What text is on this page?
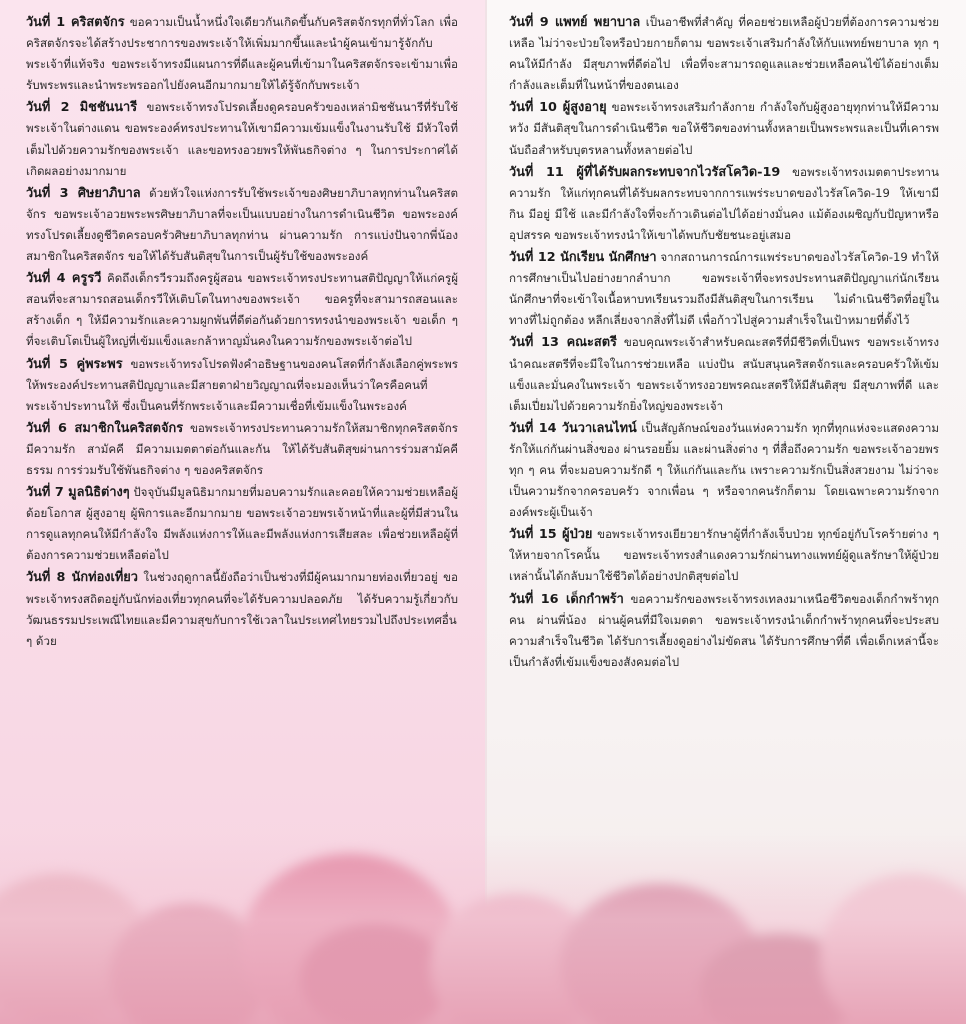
วันที่ 1 คริสตจักร ขอความเป็นน้ำหนึ่งใจเดียวกันเกิดขึ้นกับคริสตจักรทุกที่ทั่วโลก เพื่อคริสตจักรจะได้สร้างประชาการของพระเจ้าให้เพิ่มมากขึ้นและนำผู้คนเข้ามารู้จักกับพระเจ้าที่แท้จริง ขอพระเจ้าทรงมีแผนการที่ดีและผู้คนที่เข้ามาในคริสตจักรจะเข้ามาเพื่อรับพระพรและนำพระพรออกไปยังคนอีกมากมายให้ได้รู้จักกับพระเจ้า

วันที่ 2 มิชชันนารี ขอพระเจ้าทรงโปรดเลี้ยงดูครอบครัวของเหล่ามิชชันนารีที่รับใช้พระเจ้าในต่างแดน ขอพระองค์ทรงประทานให้เขามีความเข้มแข็งในงานรับใช้ มีหัวใจที่เต็มไปด้วยความรักของพระเจ้า และขอทรงอวยพรให้พันธกิจต่าง ๆ ในการประกาศได้เกิดผลอย่างมากมาย

วันที่ 3 ศิษยาภิบาล ด้วยหัวใจแห่งการรับใช้พระเจ้าของศิษยาภิบาลทุกท่านในคริสตจักร ขอพระเจ้าอวยพระพรศิษยาภิบาลที่จะเป็นแบบอย่างในการดำเนินชีวิต ขอพระองค์ทรงโปรดเลี้ยงดูชีวิตครอบครัวศิษยาภิบาลทุกท่าน ผ่านความรัก การแบ่งปันจากพี่น้องสมาชิกในคริสตจักร ขอให้ได้รับสันติสุขในการเป็นผู้รับใช้ของพระองค์

วันที่ 4 ครูรวี คิดถึงเด็กรวีรวมถึงครูผู้สอน ขอพระเจ้าทรงประทานสติปัญญาให้แก่ครูผู้สอนที่จะสามารถสอนเด็กรวีให้เติบโตในทางของพระเจ้า ขอครูที่จะสามารถสอนและสร้างเด็ก ๆ ให้มีความรักและความผูกพันที่ดีต่อกันด้วยการทรงนำของพระเจ้า ขอเด็ก ๆ ที่จะเติบโตเป็นผู้ใหญ่ที่เข้มแข็งและกล้าหาญมั่นคงในความรักของพระเจ้าต่อไป

วันที่ 5 คู่พระพร ขอพระเจ้าทรงโปรดฟังคำอธิษฐานของคนโสดที่กำลังเลือกคู่พระพร ให้พระองค์ประทานสติปัญญาและมีสายตาฝ่ายวิญญาณที่จะมองเห็นว่าใครคือคนที่พระเจ้าประทานให้ ซึ่งเป็นคนที่รักพระเจ้าและมีความเชื่อที่เข้มแข็งในพระองค์

วันที่ 6 สมาชิกในคริสตจักร ขอพระเจ้าทรงประทานความรักให้สมาชิกทุกคริสตจักร มีความรัก สามัคคี มีความเมตตาต่อกันและกัน ให้ได้รับสันติสุขผ่านการร่วมสามัคคีธรรม การร่วมรับใช้พันธกิจต่าง ๆ ของคริสตจักร

วันที่ 7 มูลนิธิต่างๆ ปัจจุบันมีมูลนิธิมากมายที่มอบความรักและคอยให้ความช่วยเหลือผู้ด้อยโอกาส ผู้สูงอายุ ผู้พิการและอีกมากมาย ขอพระเจ้าอวยพรเจ้าหน้าที่และผู้ที่มีส่วนในการดูแลทุกคนให้มีกำลังใจ มีพลังแห่งการให้และมีพลังแห่งการเสียสละ เพื่อช่วยเหลือผู้ที่ต้องการความช่วยเหลือต่อไป

วันที่ 8 นักท่องเที่ยว ในช่วงฤดูกาลนี้ยังถือว่าเป็นช่วงที่มีผู้คนมากมายท่องเที่ยวอยู่ ขอพระเจ้าทรงสถิตอยู่กับนักท่องเที่ยวทุกคนที่จะได้รับความปลอดภัย ได้รับความรู้เกี่ยวกับวัฒนธรรมประเพณีไทยและมีความสุขกับการใช้เวลาในประเทศไทยรวมไปถึงประเทศอื่น ๆ ด้วย

วันที่ 9 แพทย์ พยาบาล เป็นอาชีพที่สำคัญ ที่คอยช่วยเหลือผู้ป่วยที่ต้องการความช่วยเหลือ ไม่ว่าจะป่วยใจหรือป่วยกายก็ตาม ขอพระเจ้าเสริมกำลังให้กับแพทย์พยาบาล ทุก ๆ คนให้มีกำลัง มีสุขภาพที่ดีต่อไป เพื่อที่จะสามารถดูแลและช่วยเหลือคนไข้ได้อย่างเต็มกำลังและเต็มที่ในหน้าที่ของตนเอง

วันที่ 10 ผู้สูงอายุ ขอพระเจ้าทรงเสริมกำลังกาย กำลังใจกับผู้สูงอายุทุกท่านให้มีความหวัง มีสันติสุขในการดำเนินชีวิต ขอให้ชีวิตของท่านทั้งหลายเป็นพระพรและเป็นที่เคารพนับถือสำหรับบุตรหลานทั้งหลายต่อไป

วันที่ 11 ผู้ที่ได้รับผลกระทบจากไวรัสโควิด-19 ขอพระเจ้าทรงเมตตาประทานความรัก ให้แก่ทุกคนที่ได้รับผลกระทบจากการแพร่ระบาดของไวรัสโควิด-19 ให้เขามีกิน มีอยู่ มีใช้ และมีกำลังใจที่จะก้าวเดินต่อไปได้อย่างมั่นคง แม้ต้องเผชิญกับปัญหาหรืออุปสรรค ขอพระเจ้าทรงนำให้เขาได้พบกับชัยชนะอยู่เสมอ

วันที่ 12 นักเรียน นักศึกษา จากสถานการณ์การแพร่ระบาดของไวรัสโควิด-19 ทำให้การศึกษาเป็นไปอย่างยากลำบาก ขอพระเจ้าที่จะทรงประทานสติปัญญาแก่นักเรียน นักศึกษาที่จะเข้าใจเนื้อหาบทเรียนรวมถึงมีสันติสุขในการเรียน ไม่ดำเนินชีวิตที่อยู่ในทางที่ไม่ถูกต้อง หลีกเลี่ยงจากสิ่งที่ไม่ดี เพื่อก้าวไปสู่ความสำเร็จในเป้าหมายที่ตั้งไว้

วันที่ 13 คณะสตรี ขอบคุณพระเจ้าสำหรับคณะสตรีที่มีชีวิตที่เป็นพร ขอพระเจ้าทรงนำคณะสตรีที่จะมีใจในการช่วยเหลือ แบ่งปัน สนับสนุนคริสตจักรและครอบครัวให้เข้มแข็งและมั่นคงในพระเจ้า ขอพระเจ้าทรงอวยพรคณะสตรีให้มีสันติสุข มีสุขภาพที่ดี และเต็มเปี่ยมไปด้วยความรักยิ่งใหญ่ของพระเจ้า

วันที่ 14 วันวาเลนไทน์ เป็นสัญลักษณ์ของวันแห่งความรัก ทุกที่ทุกแห่งจะแสดงความรักให้แก่กันผ่านสิ่งของ ผ่านรอยยิ้ม และผ่านสิ่งต่าง ๆ ที่สื่อถึงความรัก ขอพระเจ้าอวยพรทุก ๆ คน ที่จะมอบความรักดี ๆ ให้แก่กันและกัน เพราะความรักเป็นสิ่งสวยงาม ไม่ว่าจะเป็นความรักจากครอบครัว จากเพื่อน ๆ หรือจากคนรักก็ตาม โดยเฉพาะความรักจากองค์พระผู้เป็นเจ้า

วันที่ 15 ผู้ป่วย ขอพระเจ้าทรงเยียวยารักษาผู้ที่กำลังเจ็บป่วย ทุกข์อยู่กับโรคร้ายต่าง ๆ ให้หายจากโรคนั้น ขอพระเจ้าทรงสำแดงความรักผ่านทางแพทย์ผู้ดูแลรักษาให้ผู้ป่วยเหล่านั้นได้กลับมาใช้ชีวิตได้อย่างปกติสุขต่อไป

วันที่ 16 เด็กกำพร้า ขอความรักของพระเจ้าทรงเทลงมาเหนือชีวิตของเด็กกำพร้าทุกคน ผ่านพี่น้อง ผ่านผู้คนที่มีใจเมตตา ขอพระเจ้าทรงนำเด็กกำพร้าทุกคนที่จะประสบความสำเร็จในชีวิต ได้รับการเลี้ยงดูอย่างไม่ขัดสน ได้รับการศึกษาที่ดี เพื่อเด็กเหล่านี้จะเป็นกำลังที่เข้มแข็งของสังคมต่อไป
